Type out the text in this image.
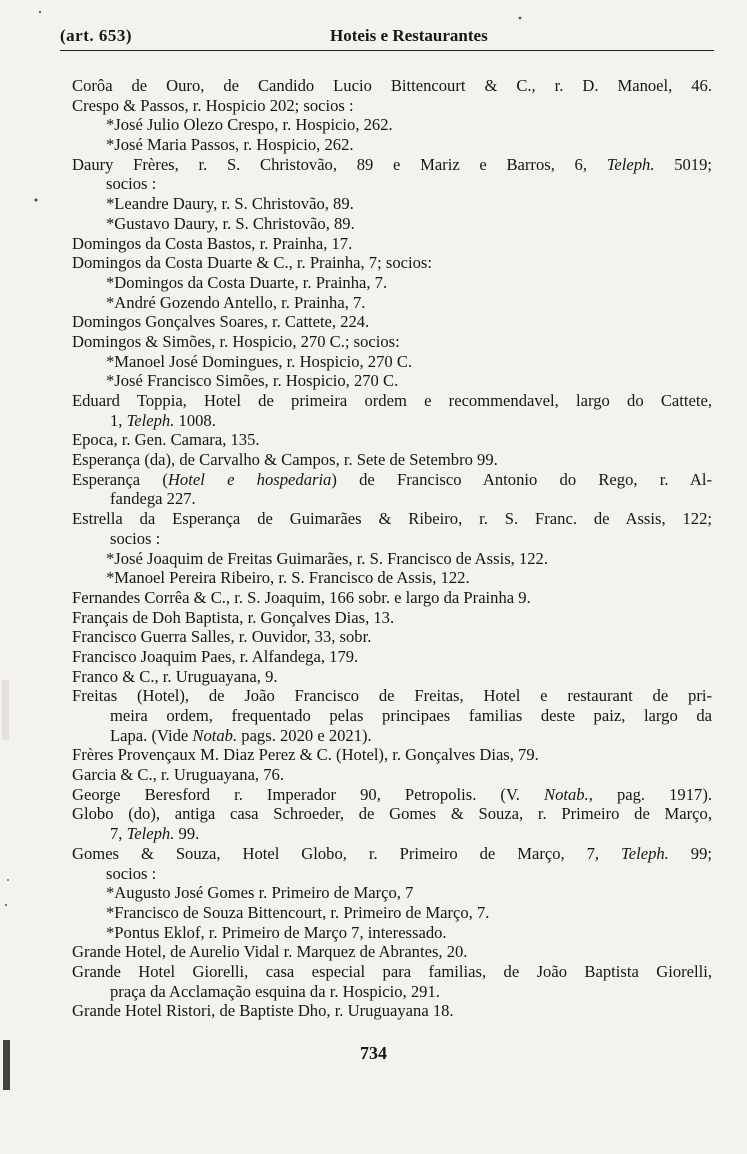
(art. 653)	Hoteis e Restaurantes
Corôa de Ouro, de Candido Lucio Bittencourt & C., r. D. Manoel, 46.
Crespo & Passos, r. Hospicio 202; socios :
*José Julio Olezo Crespo, r. Hospicio, 262.
*José Maria Passos, r. Hospicio, 262.
Daury Frères, r. S. Christovão, 89 e Mariz e Barros, 6, Teleph. 5019;
socios :
*Leandre Daury, r. S. Christovão, 89.
*Gustavo Daury, r. S. Christovão, 89.
Domingos da Costa Bastos, r. Prainha, 17.
Domingos da Costa Duarte & C., r. Prainha, 7; socios:
*Domingos da Costa Duarte, r. Prainha, 7.
*André Gozendo Antello, r. Prainha, 7.
Domingos Gonçalves Soares, r. Cattete, 224.
Domingos & Simões, r. Hospicio, 270 C.; socios:
*Manoel José Domingues, r. Hospicio, 270 C.
*José Francisco Simões, r. Hospicio, 270 C.
Eduard Toppia, Hotel de primeira ordem e recommendavel, largo do Cattete,
1, Teleph. 1008.
Epoca, r. Gen. Camara, 135.
Esperança (da), de Carvalho & Campos, r. Sete de Setembro 99.
Esperança (Hotel e hospedaria) de Francisco Antonio do Rego, r. Al-
fandega 227.
Estrella da Esperança de Guimarães & Ribeiro, r. S. Franc. de Assis, 122;
socios :
*José Joaquim de Freitas Guimarães, r. S. Francisco de Assis, 122.
*Manoel Pereira Ribeiro, r. S. Francisco de Assis, 122.
Fernandes Corrêa & C., r. S. Joaquim, 166 sobr. e largo da Prainha 9.
Français de Doh Baptista, r. Gonçalves Dias, 13.
Francisco Guerra Salles, r. Ouvidor, 33, sobr.
Francisco Joaquim Paes, r. Alfandega, 179.
Franco & C., r. Uruguayana, 9.
Freitas (Hotel), de João Francisco de Freitas, Hotel e restaurant de pri-
meira ordem, frequentado pelas principaes familias deste paiz, largo da
Lapa. (Vide Notab. pags. 2020 e 2021).
Frères Provençaux M. Diaz Perez & C. (Hotel), r. Gonçalves Dias, 79.
Garcia & C., r. Uruguayana, 76.
George Beresford r. Imperador 90, Petropolis. (V. Notab., pag. 1917).
Globo (do), antiga casa Schroeder, de Gomes & Souza, r. Primeiro de Março,
7, Teleph. 99.
Gomes & Souza, Hotel Globo, r. Primeiro de Março, 7, Teleph. 99;
socios :
*Augusto José Gomes r. Primeiro de Março, 7
*Francisco de Souza Bittencourt, r. Primeiro de Março, 7.
*Pontus Eklof, r. Primeiro de Março 7, interessado.
Grande Hotel, de Aurelio Vidal r. Marquez de Abrantes, 20.
Grande Hotel Giorelli, casa especial para familias, de João Baptista Giorelli,
praça da Acclamação esquina da r. Hospicio, 291.
Grande Hotel Ristori, de Baptiste Dho, r. Uruguayana 18.
734
